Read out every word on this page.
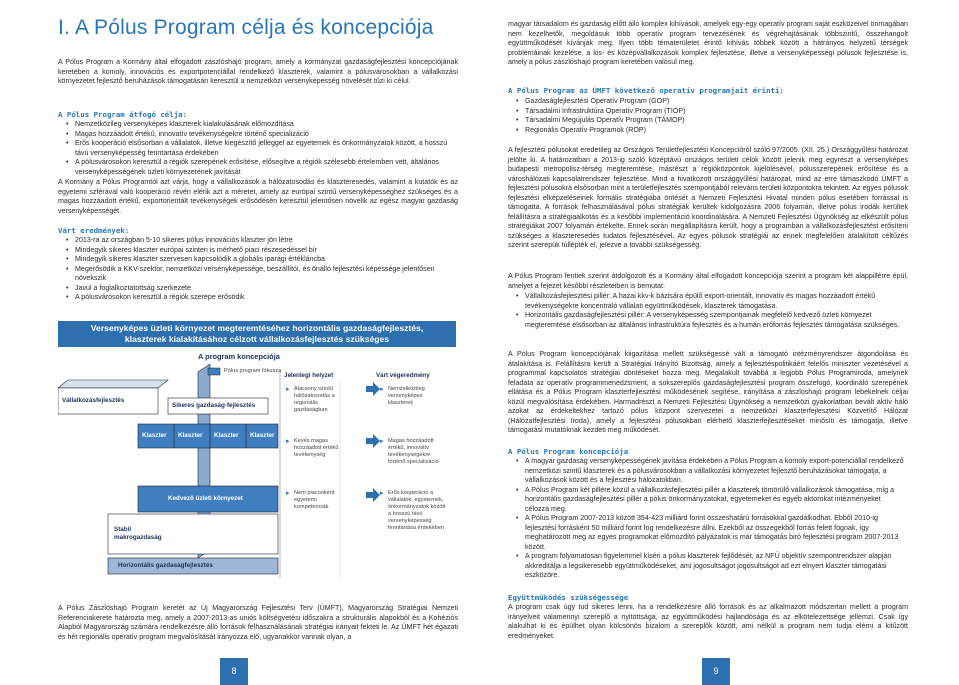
I. A Pólus Program célja és koncepciója
A Pólus Program a Kormány által elfogadott zászlóshajó program, amely a kormányzat gazdaságfejlesztési koncepciójának keretében a komoly, innovációs és exportpotenciállal rendelkező klaszterek, valamint a pólusvárosokban a vállalkozási környezetet fejlesztő beruházások támogatásán keresztül a nemzetközi versenyképesség növelését tűzi ki célul.
A Pólus Program átfogó célja:
• Nemzetközileg versenyképes klaszterek kialakulásának előmozdítása
• Magas hozzáadott értékű, innovatív tevékenységekre történő specializáció
• Erős kooperáció elsősorban a vállalatok, illetve kiegészítő jelleggel az egyetemek és önkormányzatok között, a hosszú távú versenyképesség fenntartása érdekében
• A pólusvárosokon keresztül a régiók szerepének erősítése, elősegítve a régiók szélesebb értelemben vett, általános versenyképességének üzleti környezetének javítását
A Kormány a Pólus Programtól azt várja, hogy a vállalkozások a hálózatosodás és klaszteresedés, valamint a kutatók és az egyetemi szférával való kooperáció révén elérik azt a méretet, amely az európai szintű versenyképességhez szükséges és a magas hozzáadott értékű, exportorientált tevékenységek erősödésén keresztül jelentősen növelik az egész magyar gazdaság versenyképességét.
Várt eredmények:
• 2013-ra az országban 5-10 sikeres pólus innovációs klaszter jön létre
• Mindegyik sikeres klaszter európai szinten is mérhető piaci részesedéssel bír
• Mindegyik sikeres klaszter szervesen kapcsolódik a globális iparági értékláncba
• Megerősödik a KKV-szektor, nemzetközi versenyképessége, beszállítói, és önálló fejlesztési képessége jelentősen növekszik
• Javul a foglalkoztatottság szerkezete
• A pólusvárosokon keresztül a régiók szerepe erősödik
Versenyképes üzleti környezet megteremtéséhez horizontális gazdaságfejlesztés,
klaszterek kialakításához célzott vállalkozásfejlesztés szükséges
A program koncepciója
Pólus program fókusza
Jelenlegi helyzet	Várt végeredmény
Vállalkozásfejlesztés
Sikeres gazdaság-fejlesztés
Klaszter Klaszter Klaszter Klaszter
Kedvező üzleti környezet
Stabil makrogazdaság
Horizontális gazdaságfejlesztés
▸ Alacsony szintű hálózatosodás a regionális gazdaságban
▸ Kevés magas hozzáadott értékű tevékenység
▸ Nem piaconként egyetemi kompetenciák
▸ Nemzetközileg versenyképes klaszterek
▸ Magas hozzáadott értékű, innovatív tevékenységekre történő specializáció
▸ Erős kooperáció a vállalatok, egyetemek, önkormányzatok között a hosszú távú versenyképesség fenntartása érdekében
A Pólus Zászlóshajó Program keretét az Új Magyarország Fejlesztési Terv (ÚMFT), Magyarország Stratégiai Nemzeti Referenciakerete határozta meg, amely a 2007-2013-as uniós költségvetési időszakra a strukturális alapokból és a Kohéziós Alapból Magyarország számára rendelkezésre álló források felhasználásának stratégiai irányait fekteti le. Az ÚMFT hét égazati és hét regionális operatív program megvalósítását irányozza elő, ugyanakkor vannak olyan, a
8
magyar társadalom és gazdaság előtt álló komplex kihívások, amelyek egy-egy operatív program saját eszközeivel önmagában nem kezelhetők, megoldásuk több operatív program tervezésének és végrehajtásának többszintű, összehangolt együttműködését kívánják meg. Ilyen több tématerületet érintő kihívás többek között a hátrányos helyzetű térségek problémáinak kezelése, a kis- és középvállalkozások komplex fejlesztése, illetve a versenyképességi pólusok fejlesztése is, amely a pólus zászlóshajó program keretében valósul meg.
A Pólus Program az ÚMFT következő operatív programjait érinti:
• Gazdaságfejlesztési Operatív Program (GOP)
• Társadalmi Infrastruktúra Operatív Program (TIOP)
• Társadalmi Megújulás Operatív Program (TÁMOP)
• Regionális Operatív Programok (ROP)
A fejlesztési pólusokat eredetileg az Országos Területfejlesztési Koncepcióról szóló 97/2005. (XII. 25.) Országgyűlési határozat jelölte ki. A határozatban a 2013-ig szóló középtávú országos területi célok között jelenik meg egyrészt a versenyképes budapesti metropolisz-térség megteremtése, másrészt a régióközpontok kijelölésével, pólusszerepének erősítése és a városhálózati kapcsolatrendszer fejlesztése. Mind a hivatkozott országgyűlési határozat, mind az erre támaszkodó ÚMFT a fejlesztési pólusokra elsősorban mint a területfejlesztés szempontjából releváns területi központokra tekintett. Az egyes pólusok fejlesztési elképzeléseinek formális stratégiába öntését a Nemzeti Fejlesztési Hivatal minden pólus esetében forrással is támogatta. A források felhasználásával pólus stratégiák kerültek kidolgozásra 2006 folyamán, illetve pólus irodák kerültek felállításra a stratégiaalkotás és a későbbi implementáció koordinálására. A Nemzeti Fejlesztési Ügynökség az elkészült pólus stratégiákat 2007 folyamán értékelte. Ennek során megállapításra került, hogy a programban a vállalkozásfejlesztést erősíteni szükséges a klaszteresedés tudatos fejlesztésével. Az egyes pólusok stratégiái az ennek megfelelően átalakított céltűzés szerint szerepük túllépték el, jelezve a további szükségesség.
A Pólus Program fentiek szerint átdolgozott és a Kormány által elfogadott koncepciója szerint a program két alappillérre épül, amelyet a fejezet későbbi részleteiben is bemutat:
• Vállalkozásfejlesztési pillér: A hazai kkv-k bázisára épülő export-orientált, innovatív és magas hozzáadott értékű tevékenységekre koncentráló vállalati együttműködések, klaszterek támogatása.
• Horizontális gazdaságfejlesztési pillér: A versenyképesség szempontjainak megfelelő kedvező üzleti környezet megteremtése elsősorban az általános infrastruktúra fejlesztés és a humán erőforrás fejlesztés támogatása szükséges.
A Pólus Program koncepciójának kiigazítása mellett szükségessé vált a támogató intézményrendszer átgondolása és átalakítása is. Felállításra került a Stratégiai Irányító Bizottság, amely a fejlesztéspolitikáért felelős miniszter vezetésével a programmal kapcsolatos stratégiai döntéseket hozza meg. Megalakult továbbá a legjobb Pólus Programiroda, amelynek feladata az operatív programmenedzsment, a sokszereplős gazdaságfejlesztési program összefogó, koordináló szerepének ellátása és a Pólus Program klaszterfejlesztési működésének segítése, irányítása a zászlóshajó program lebekelnek céljai közül megvalósítása érdekében. Harmadrészt a Nemzeti Fejlesztési Ügynökség a nemzetközi gyakorlatban bevált aktív háló azokat az érdekeltekhez tartozó pólus központ szervezetei a nemzetközi klaszterfejlesztési Közvetítő Hálózat (Hálózatfejlesztési Iroda), amely a fejlesztési pólusokban elérhető klaszterfejlesztéseket minősíti és támogatja, illetve támogatási mutatóknak kezdeti meg működését.
A Pólus Program koncepciója
• A magyar gazdaság versenyképességének javítása érdekében a Pólus Program a komoly export-potenciállal rendelkező nemzetközi szintű klaszterek és a pólusvárosokban a vállalkozási környezetet fejlesztő beruházásokat támogatja, a vállalkozások között és a fejlesztési hálózatokban.
• A Pólus Program két pillére közül a vállalkozásfejlesztési pillér a klaszterek tömörülő vállalkozások támogatása, míg a horizontális gazdaságfejlesztési pillér a pólus önkormányzatokat, egyetemeket és egyéb aktorokat intézményeket célozza meg.
• A Pólus Program 2007-2013 között 354-423 milliárd forint összeshatárú forrásokkal gazdálkodhat. Ebből 2010-ig fejlesztési forrásként 50 milliárd forint fog rendelkezésre állni. Ezekből az összegekből forrás felett fognak, így meghatározott meg az egyes programokat előmozdító pályázatok is már támogatás biró fejlesztési program 2007-2013 között.
• A program folyamatosan figyelemmel kíséri a pólus klaszterek fejlődését, az NFÜ objektív szempontrendszer alapján akkreditálja a legsikeresebb együttműködéseket, ami jogosultságot jogosultságot ad ezt elnyert klaszter támogatási eszközöre.
Együttműködés szükségessége
A program csak úgy tud sikeres lenni, ha a rendelkezésre álló források és az alkalmazott módszertan mellett a program irányelveit valamennyi szereplő a nyitottsága, az együttműködési hajlandósága és az elkötelezettsége jellemzi. Csak így alakulhat ki és épülhet olyan kölcsönös bizalom a szereplők között, ami nélkül a program nem tudja elérni a kitűzött eredményeket.
9
